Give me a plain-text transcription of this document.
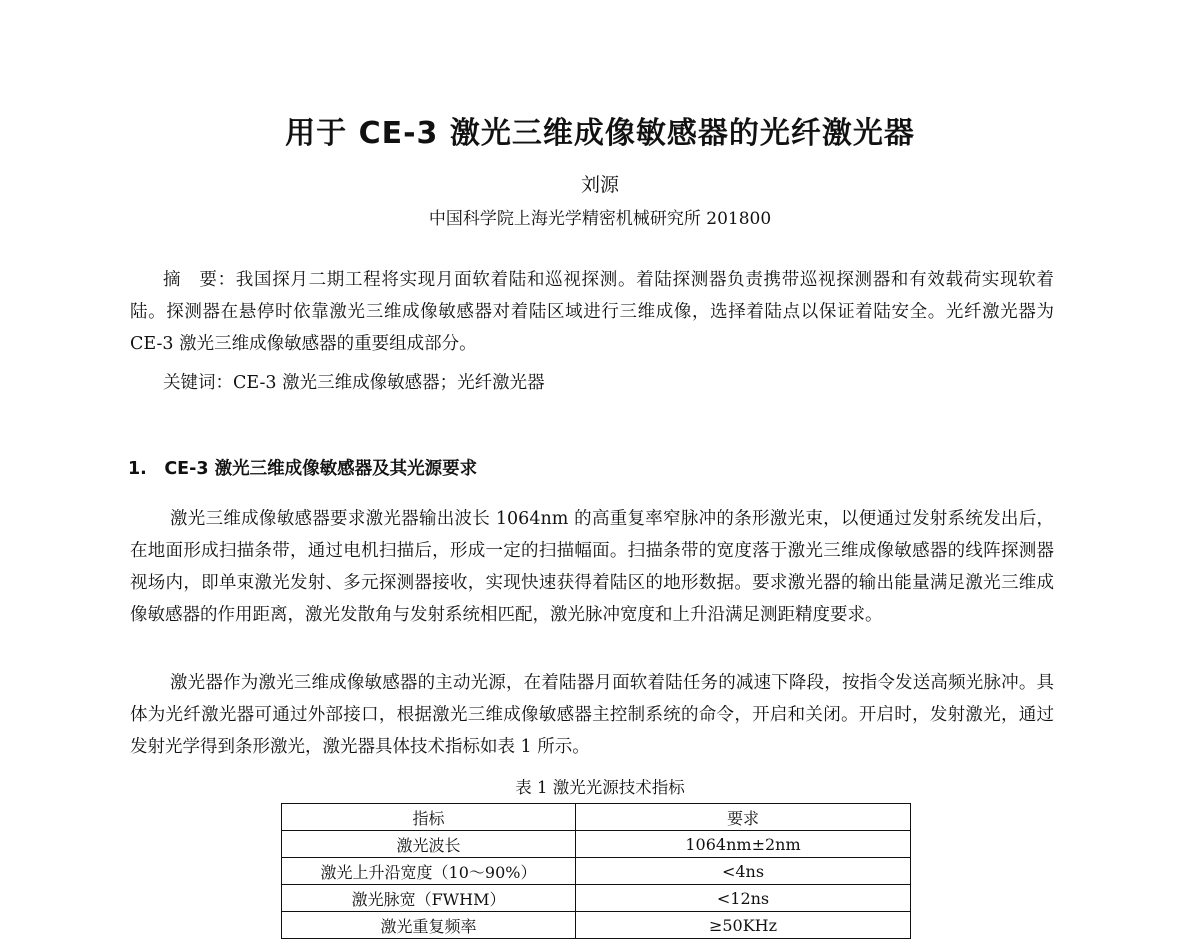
用于 CE-3 激光三维成像敏感器的光纤激光器
刘源
中国科学院上海光学精密机械研究所 201800

摘　要：我国探月二期工程将实现月面软着陆和巡视探测。着陆探测器负责携带巡视探测器和有效载荷实现软着陆。探测器在悬停时依靠激光三维成像敏感器对着陆区域进行三维成像，选择着陆点以保证着陆安全。光纤激光器为 CE-3 激光三维成像敏感器的重要组成部分。

关键词：CE-3 激光三维成像敏感器；光纤激光器

1.　CE-3 激光三维成像敏感器及其光源要求

激光三维成像敏感器要求激光器输出波长 1064nm 的高重复率窄脉冲的条形激光束，以便通过发射系统发出后，在地面形成扫描条带，通过电机扫描后，形成一定的扫描幅面。扫描条带的宽度落于激光三维成像敏感器的线阵探测器视场内，即单束激光发射、多元探测器接收，实现快速获得着陆区的地形数据。要求激光器的输出能量满足激光三维成像敏感器的作用距离，激光发散角与发射系统相匹配，激光脉冲宽度和上升沿满足测距精度要求。

激光器作为激光三维成像敏感器的主动光源，在着陆器月面软着陆任务的减速下降段，按指令发送高频光脉冲。具体为光纤激光器可通过外部接口，根据激光三维成像敏感器主控制系统的命令，开启和关闭。开启时，发射激光，通过发射光学得到条形激光，激光器具体技术指标如表 1 所示。

表 1 激光光源技术指标
指标	要求
激光波长	1064nm±2nm
激光上升沿宽度（10～90%）	<4ns
激光脉宽（FWHM）	<12ns
激光重复频率	≥50KHz
